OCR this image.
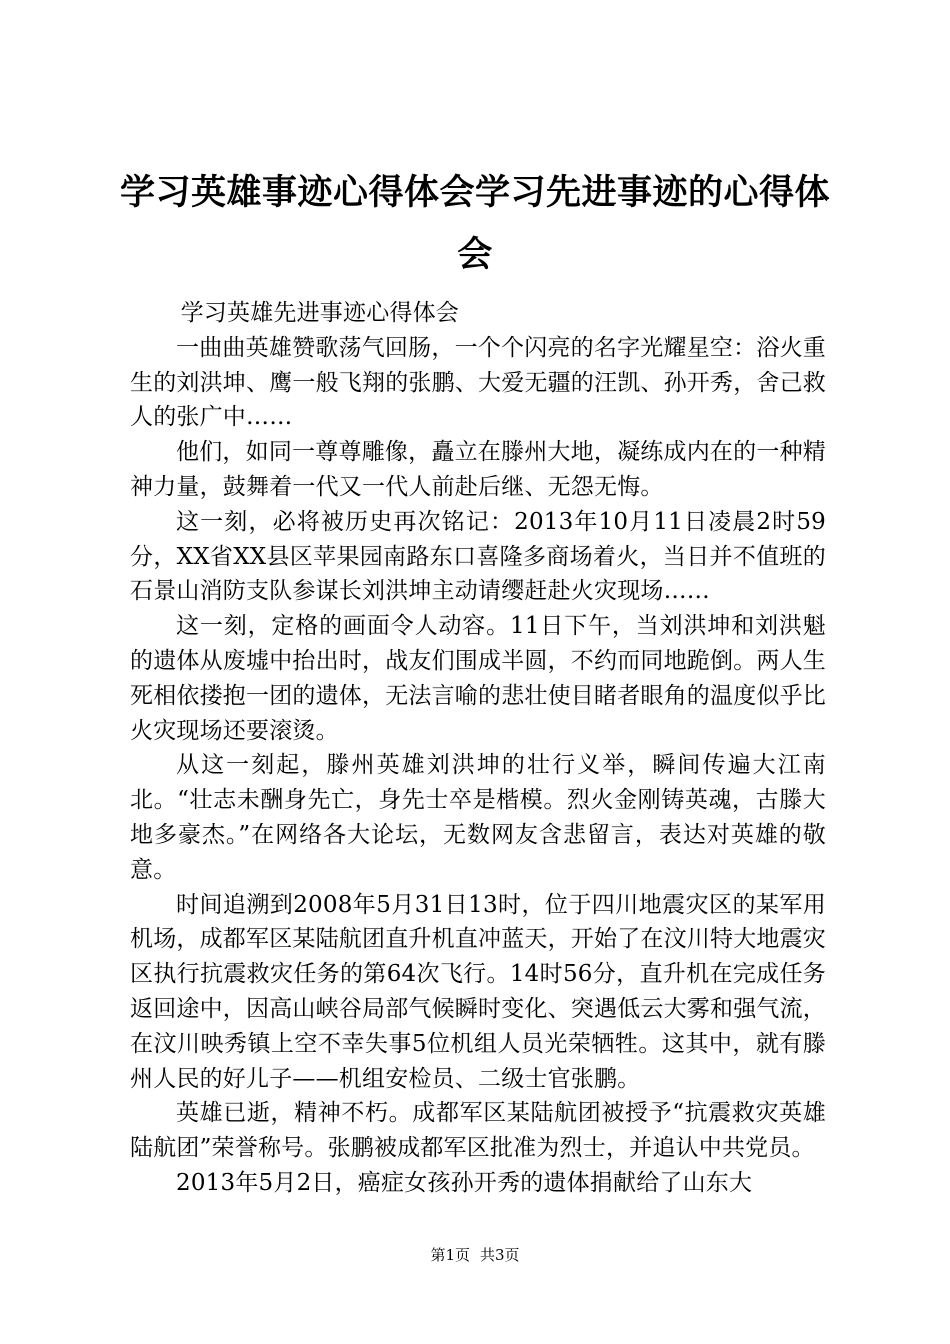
学习英雄事迹心得体会学习先进事迹的心得体
会

学习英雄先进事迹心得体会

一曲曲英雄赞歌荡气回肠，一个个闪亮的名字光耀星空：浴火重生的刘洪坤、鹰一般飞翔的张鹏、大爱无疆的汪凯、孙开秀，舍己救人的张广中……

他们，如同一尊尊雕像，矗立在滕州大地，凝练成内在的一种精神力量，鼓舞着一代又一代人前赴后继、无怨无悔。

这一刻，必将被历史再次铭记：2013年10月11日凌晨2时59分，XX省XX县区苹果园南路东口喜隆多商场着火，当日并不值班的石景山消防支队参谋长刘洪坤主动请缨赶赴火灾现场……

这一刻，定格的画面令人动容。11日下午，当刘洪坤和刘洪魁的遗体从废墟中抬出时，战友们围成半圆，不约而同地跪倒。两人生死相依搂抱一团的遗体，无法言喻的悲壮使目睹者眼角的温度似乎比火灾现场还要滚烫。

从这一刻起，滕州英雄刘洪坤的壮行义举，瞬间传遍大江南北。“壮志未酬身先亡，身先士卒是楷模。烈火金刚铸英魂，古滕大地多豪杰。”在网络各大论坛，无数网友含悲留言，表达对英雄的敬意。

时间追溯到2008年5月31日13时，位于四川地震灾区的某军用机场，成都军区某陆航团直升机直冲蓝天，开始了在汶川特大地震灾区执行抗震救灾任务的第64次飞行。14时56分，直升机在完成任务返回途中，因高山峡谷局部气候瞬时变化、突遇低云大雾和强气流，在汶川映秀镇上空不幸失事5位机组人员光荣牺牲。这其中，就有滕州人民的好儿子——机组安检员、二级士官张鹏。

英雄已逝，精神不朽。成都军区某陆航团被授予“抗震救灾英雄陆航团”荣誉称号。张鹏被成都军区批准为烈士，并追认中共党员。

2013年5月2日，癌症女孩孙开秀的遗体捐献给了山东大

第1页 共3页
